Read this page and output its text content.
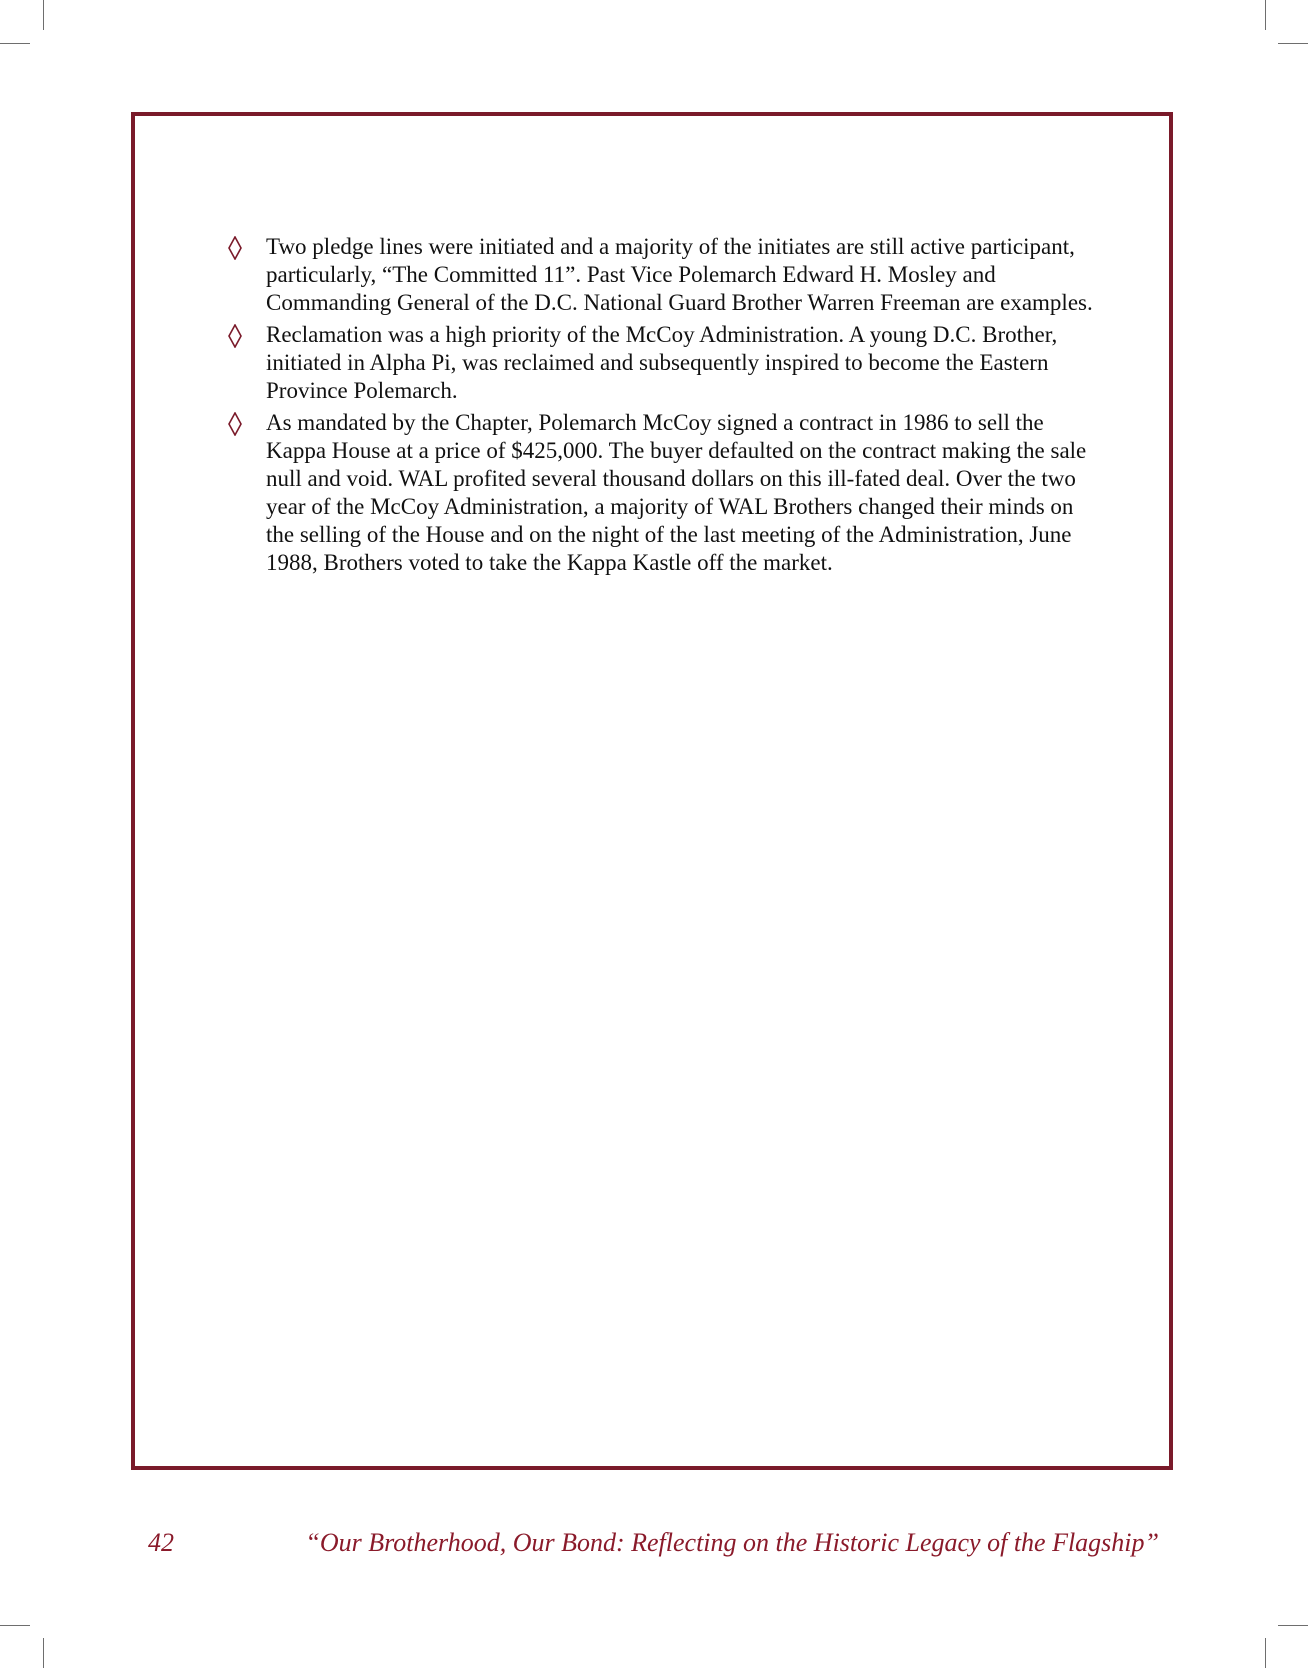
Two pledge lines were initiated and a majority of the initiates are still active participant, particularly, “The Committed 11”. Past Vice Polemarch Edward H. Mosley and Commanding General of the D.C. National Guard Brother Warren Freeman are examples.
Reclamation was a high priority of the McCoy Administration. A young D.C. Brother, initiated in Alpha Pi, was reclaimed and subsequently inspired to become the Eastern Province Polemarch.
As mandated by the Chapter, Polemarch McCoy signed a contract in 1986 to sell the Kappa House at a price of $425,000. The buyer defaulted on the contract making the sale null and void. WAL profited several thousand dollars on this ill-fated deal. Over the two year of the McCoy Administration, a majority of WAL Brothers changed their minds on the selling of the House and on the night of the last meeting of the Administration, June 1988, Brothers voted to take the Kappa Kastle off the market.
42	“Our Brotherhood, Our Bond: Reflecting on the Historic Legacy of the Flagship”
